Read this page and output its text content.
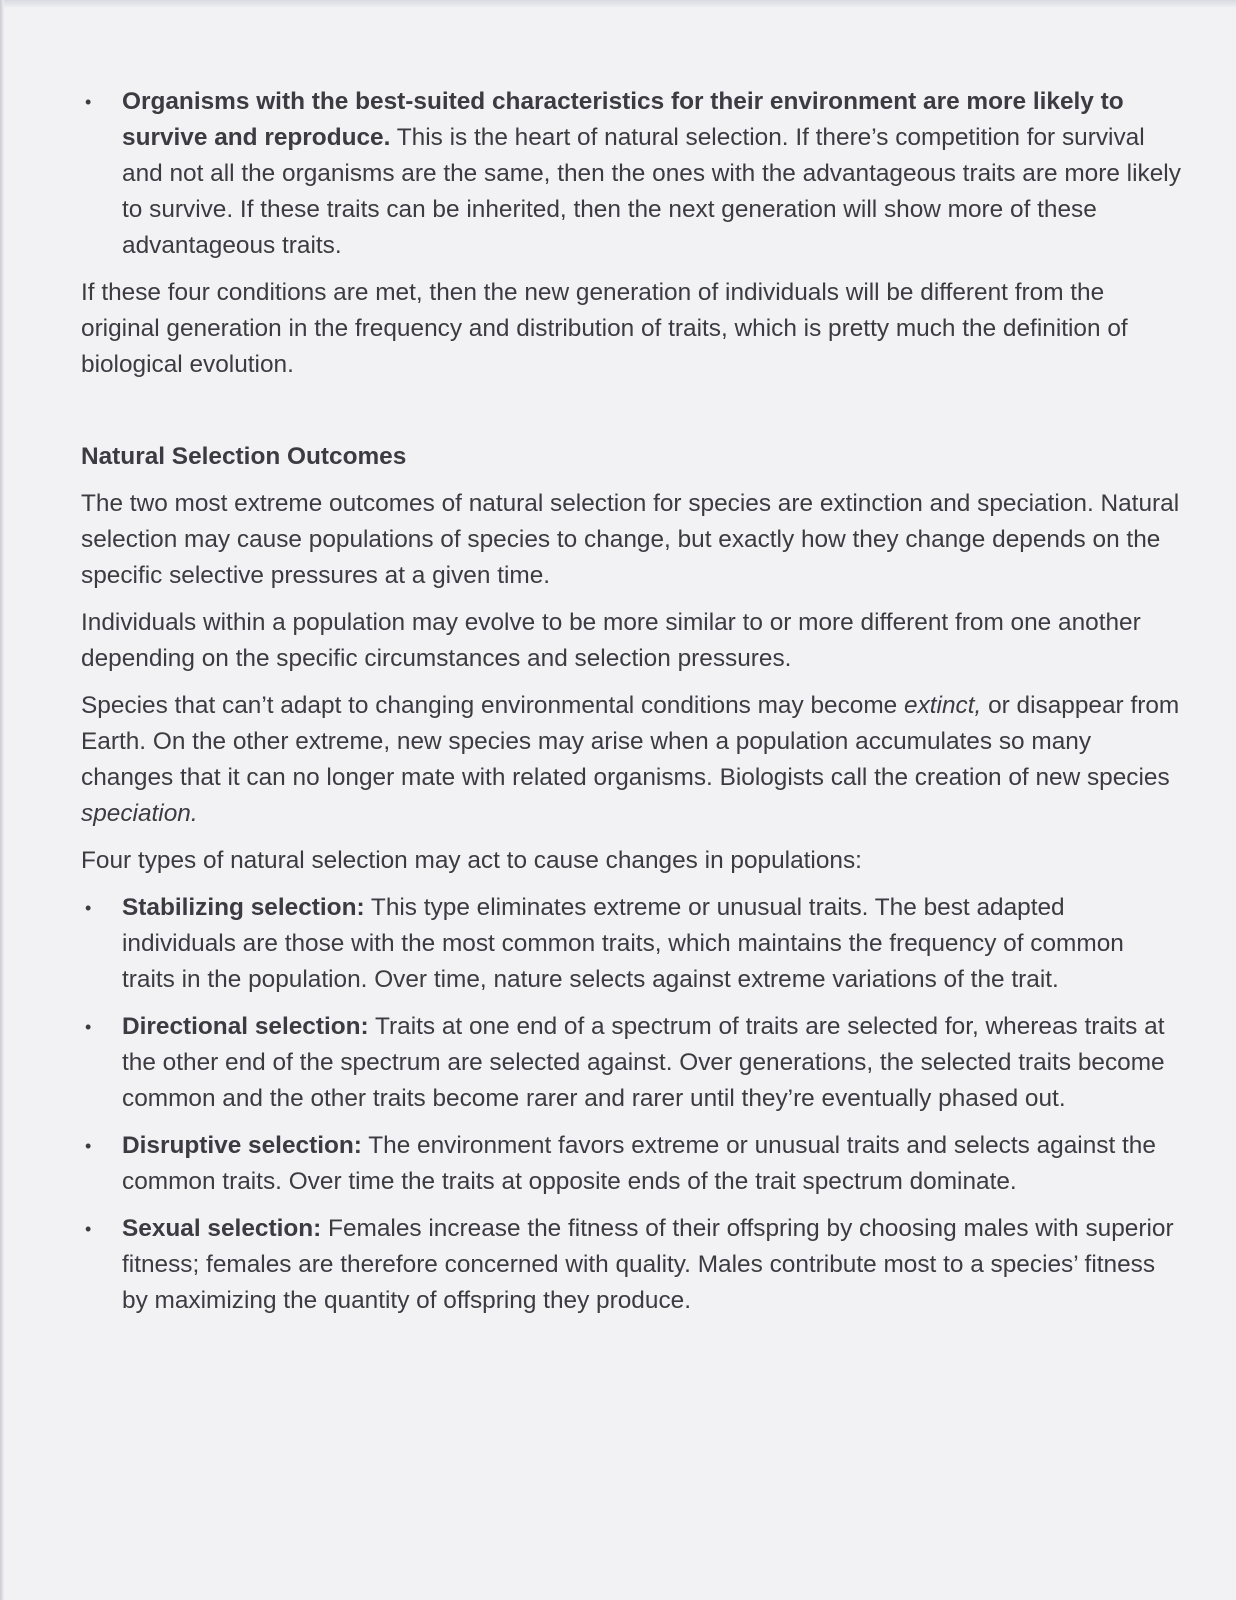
• Organisms with the best-suited characteristics for their environment are more likely to survive and reproduce. This is the heart of natural selection. If there’s competition for survival and not all the organisms are the same, then the ones with the advantageous traits are more likely to survive. If these traits can be inherited, then the next generation will show more of these advantageous traits.

If these four conditions are met, then the new generation of individuals will be different from the original generation in the frequency and distribution of traits, which is pretty much the definition of biological evolution.

Natural Selection Outcomes

The two most extreme outcomes of natural selection for species are extinction and speciation. Natural selection may cause populations of species to change, but exactly how they change depends on the specific selective pressures at a given time.

Individuals within a population may evolve to be more similar to or more different from one another depending on the specific circumstances and selection pressures.

Species that can’t adapt to changing environmental conditions may become extinct, or disappear from Earth. On the other extreme, new species may arise when a population accumulates so many changes that it can no longer mate with related organisms. Biologists call the creation of new species speciation.

Four types of natural selection may act to cause changes in populations:

• Stabilizing selection: This type eliminates extreme or unusual traits. The best adapted individuals are those with the most common traits, which maintains the frequency of common traits in the population. Over time, nature selects against extreme variations of the trait.
• Directional selection: Traits at one end of a spectrum of traits are selected for, whereas traits at the other end of the spectrum are selected against. Over generations, the selected traits become common and the other traits become rarer and rarer until they’re eventually phased out.
• Disruptive selection: The environment favors extreme or unusual traits and selects against the common traits. Over time the traits at opposite ends of the trait spectrum dominate.
• Sexual selection: Females increase the fitness of their offspring by choosing males with superior fitness; females are therefore concerned with quality. Males contribute most to a species’ fitness by maximizing the quantity of offspring they produce.
